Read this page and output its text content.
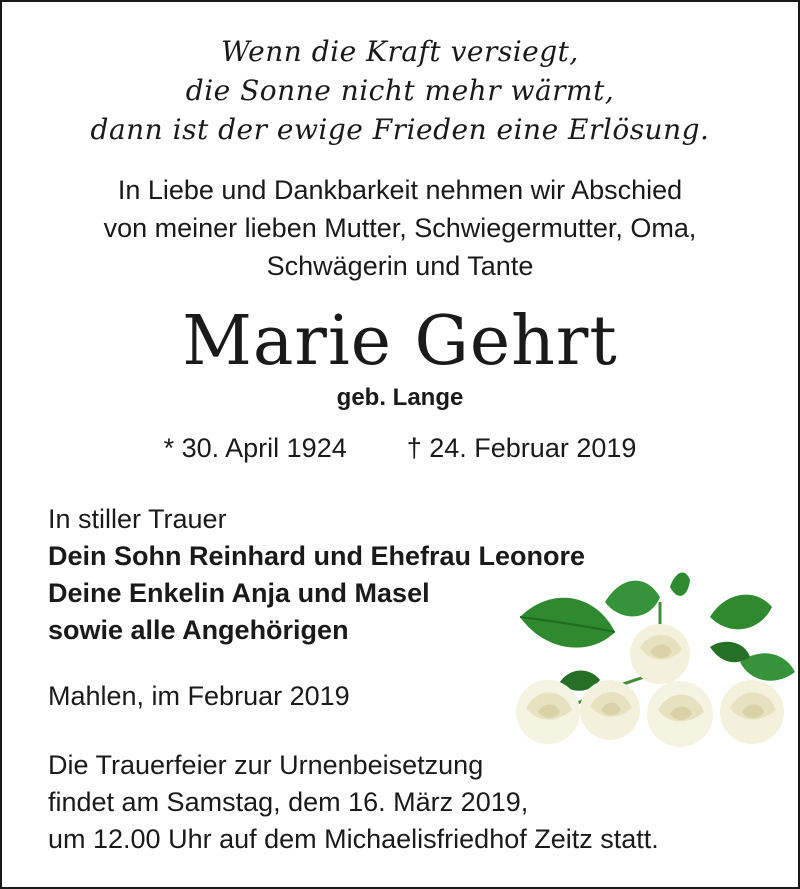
Wenn die Kraft versiegt,
die Sonne nicht mehr wärmt,
dann ist der ewige Frieden eine Erlösung.
In Liebe und Dankbarkeit nehmen wir Abschied
von meiner lieben Mutter, Schwiegermutter, Oma,
Schwägerin und Tante
Marie Gehrt
geb. Lange
* 30. April 1924 † 24. Februar 2019
In stiller Trauer
Dein Sohn Reinhard und Ehefrau Leonore
Deine Enkelin Anja und Masel
sowie alle Angehörigen
Mahlen, im Februar 2019
Die Trauerfeier zur Urnenbeisetzung
findet am Samstag, dem 16. März 2019,
um 12.00 Uhr auf dem Michaelisfriedhof Zeitz statt.
